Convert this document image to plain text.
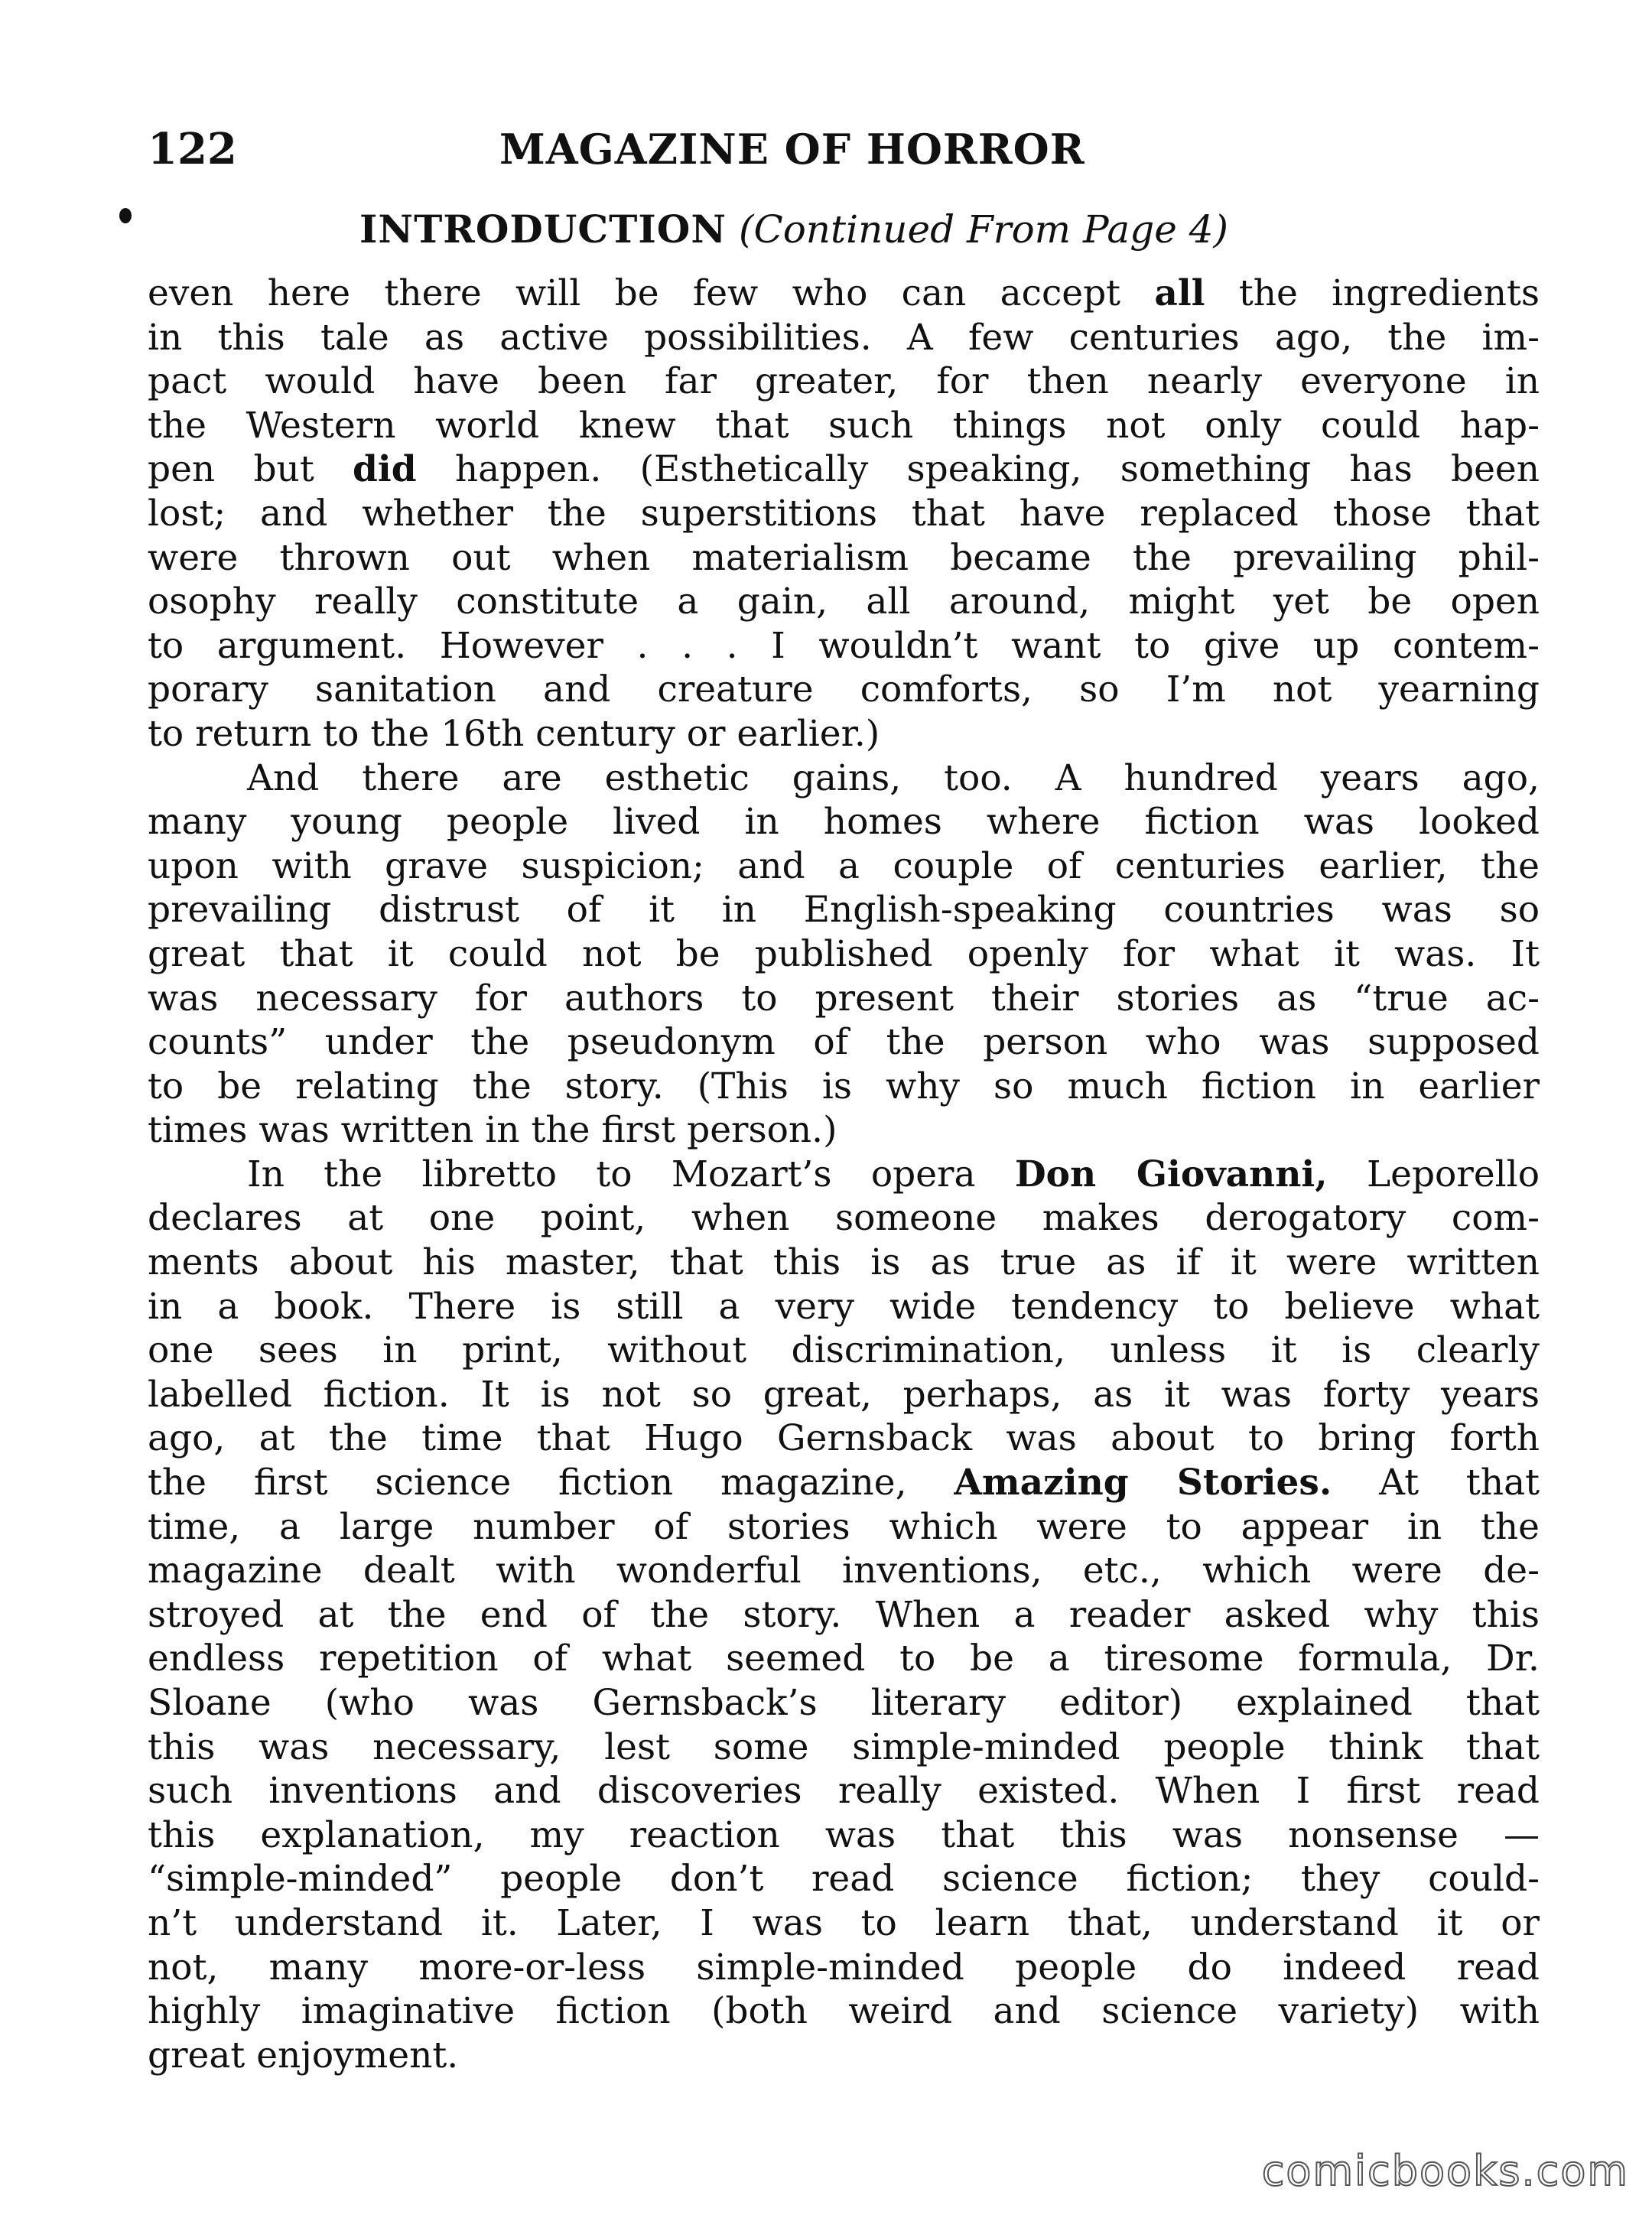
122	MAGAZINE OF HORROR
INTRODUCTION (Continued From Page 4)
even here there will be few who can accept all the ingredients
in this tale as active possibilities. A few centuries ago, the im-
pact would have been far greater, for then nearly everyone in
the Western world knew that such things not only could hap-
pen but did happen. (Esthetically speaking, something has been
lost; and whether the superstitions that have replaced those that
were thrown out when materialism became the prevailing phil-
osophy really constitute a gain, all around, might yet be open
to argument. However . . . I wouldn’t want to give up contem-
porary sanitation and creature comforts, so I’m not yearning
to return to the 16th century or earlier.)
And there are esthetic gains, too. A hundred years ago,
many young people lived in homes where fiction was looked
upon with grave suspicion; and a couple of centuries earlier, the
prevailing distrust of it in English-speaking countries was so
great that it could not be published openly for what it was. It
was necessary for authors to present their stories as “true ac-
counts” under the pseudonym of the person who was supposed
to be relating the story. (This is why so much fiction in earlier
times was written in the first person.)
In the libretto to Mozart’s opera Don Giovanni, Leporello
declares at one point, when someone makes derogatory com-
ments about his master, that this is as true as if it were written
in a book. There is still a very wide tendency to believe what
one sees in print, without discrimination, unless it is clearly
labelled fiction. It is not so great, perhaps, as it was forty years
ago, at the time that Hugo Gernsback was about to bring forth
the first science fiction magazine, Amazing Stories. At that
time, a large number of stories which were to appear in the
magazine dealt with wonderful inventions, etc., which were de-
stroyed at the end of the story. When a reader asked why this
endless repetition of what seemed to be a tiresome formula, Dr.
Sloane (who was Gernsback’s literary editor) explained that
this was necessary, lest some simple-minded people think that
such inventions and discoveries really existed. When I first read
this explanation, my reaction was that this was nonsense —
“simple-minded” people don’t read science fiction; they could-
n’t understand it. Later, I was to learn that, understand it or
not, many more-or-less simple-minded people do indeed read
highly imaginative fiction (both weird and science variety) with
great enjoyment.
comicbooks.com
